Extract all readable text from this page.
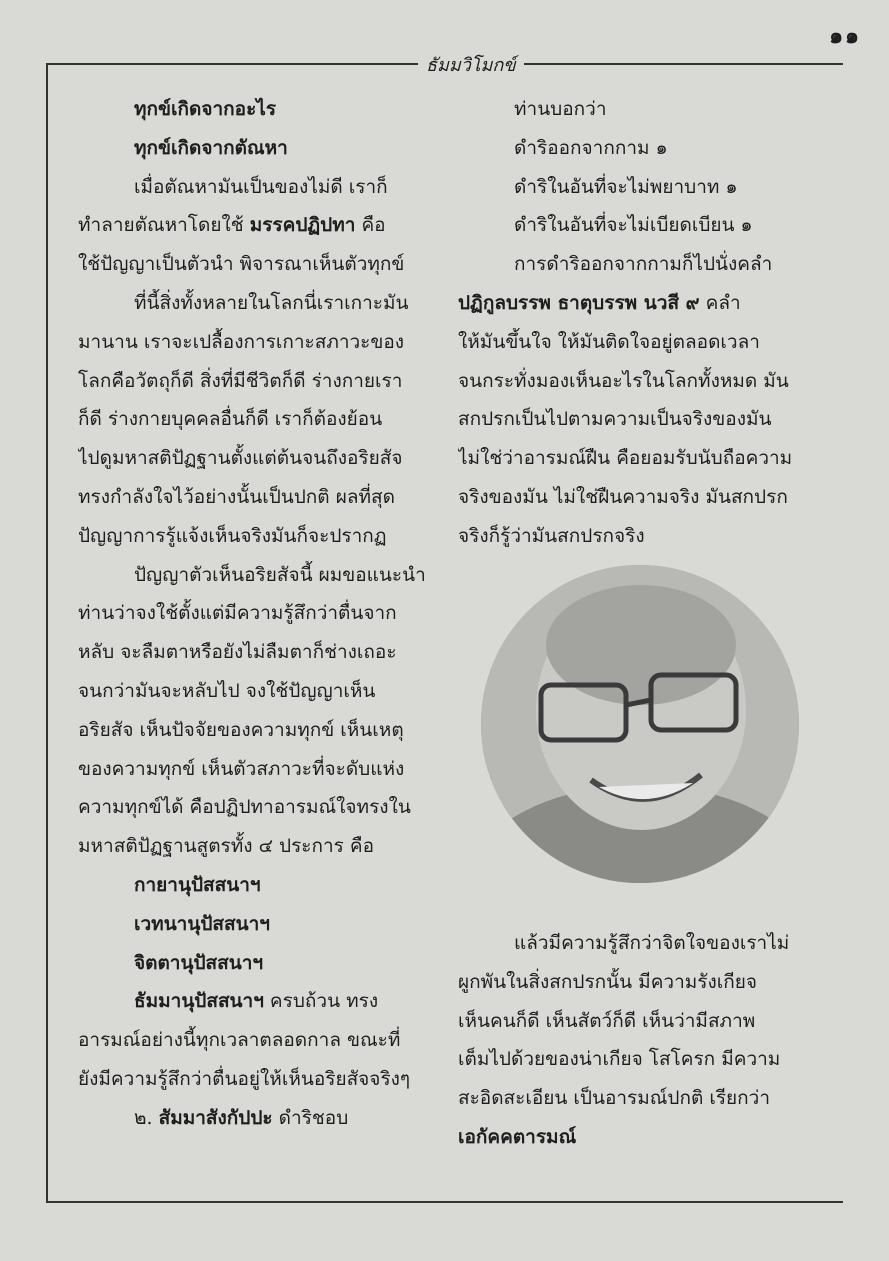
๑๑
ธัมมวิโมกข์
ทุกข์เกิดจากอะไร
ทุกข์เกิดจากตัณหา
เมื่อตัณหามันเป็นของไม่ดี เราก็
ทำลายตัณหาโดยใช้ มรรคปฏิปทา คือ
ใช้ปัญญาเป็นตัวนำ พิจารณาเห็นตัวทุกข์
ที่นี้สิ่งทั้งหลายในโลกนี่เราเกาะมัน
มานาน เราจะเปลื้องการเกาะสภาวะของ
โลกคือวัตถุก็ดี สิ่งที่มีชีวิตก็ดี ร่างกายเรา
ก็ดี ร่างกายบุคคลอื่นก็ดี เราก็ต้องย้อน
ไปดูมหาสติปัฏฐานตั้งแต่ต้นจนถึงอริยสัจ
ทรงกำลังใจไว้อย่างนั้นเป็นปกติ ผลที่สุด
ปัญญาการรู้แจ้งเห็นจริงมันก็จะปรากฏ
ปัญญาตัวเห็นอริยสัจนี้ ผมขอแนะนำ
ท่านว่าจงใช้ตั้งแต่มีความรู้สึกว่าตื่นจาก
หลับ จะลืมตาหรือยังไม่ลืมตาก็ช่างเถอะ
จนกว่ามันจะหลับไป จงใช้ปัญญาเห็น
อริยสัจ เห็นปัจจัยของความทุกข์ เห็นเหตุ
ของความทุกข์ เห็นตัวสภาวะที่จะดับแห่ง
ความทุกข์ได้ คือปฏิปทาอารมณ์ใจทรงใน
มหาสติปัฏฐานสูตรทั้ง ๔ ประการ คือ
กายานุปัสสนาฯ
เวทนานุปัสสนาฯ
จิตตานุปัสสนาฯ
ธัมมานุปัสสนาฯ ครบถ้วน ทรง
อารมณ์อย่างนี้ทุกเวลาตลอดกาล ขณะที่
ยังมีความรู้สึกว่าตื่นอยู่ให้เห็นอริยสัจจริงๆ
๒. สัมมาสังกัปปะ ดำริชอบ
ท่านบอกว่า
ดำริออกจากกาม ๑
ดำริในอันที่จะไม่พยาบาท ๑
ดำริในอันที่จะไม่เบียดเบียน ๑
การดำริออกจากกามก็ไปนั่งคลำ
ปฏิกูลบรรพ ธาตุบรรพ นวสี ๙ คลำ
ให้มันขึ้นใจ ให้มันติดใจอยู่ตลอดเวลา
จนกระทั่งมองเห็นอะไรในโลกทั้งหมด มัน
สกปรกเป็นไปตามความเป็นจริงของมัน
ไม่ใช่ว่าอารมณ์ฝืน คือยอมรับนับถือความ
จริงของมัน ไม่ใช่ฝืนความจริง มันสกปรก
จริงก็รู้ว่ามันสกปรกจริง
แล้วมีความรู้สึกว่าจิตใจของเราไม่
ผูกพันในสิ่งสกปรกนั้น มีความรังเกียจ
เห็นคนก็ดี เห็นสัตว์ก็ดี เห็นว่ามีสภาพ
เต็มไปด้วยของน่าเกียจ โสโครก มีความ
สะอิดสะเอียน เป็นอารมณ์ปกติ เรียกว่า
เอกัคคตารมณ์
